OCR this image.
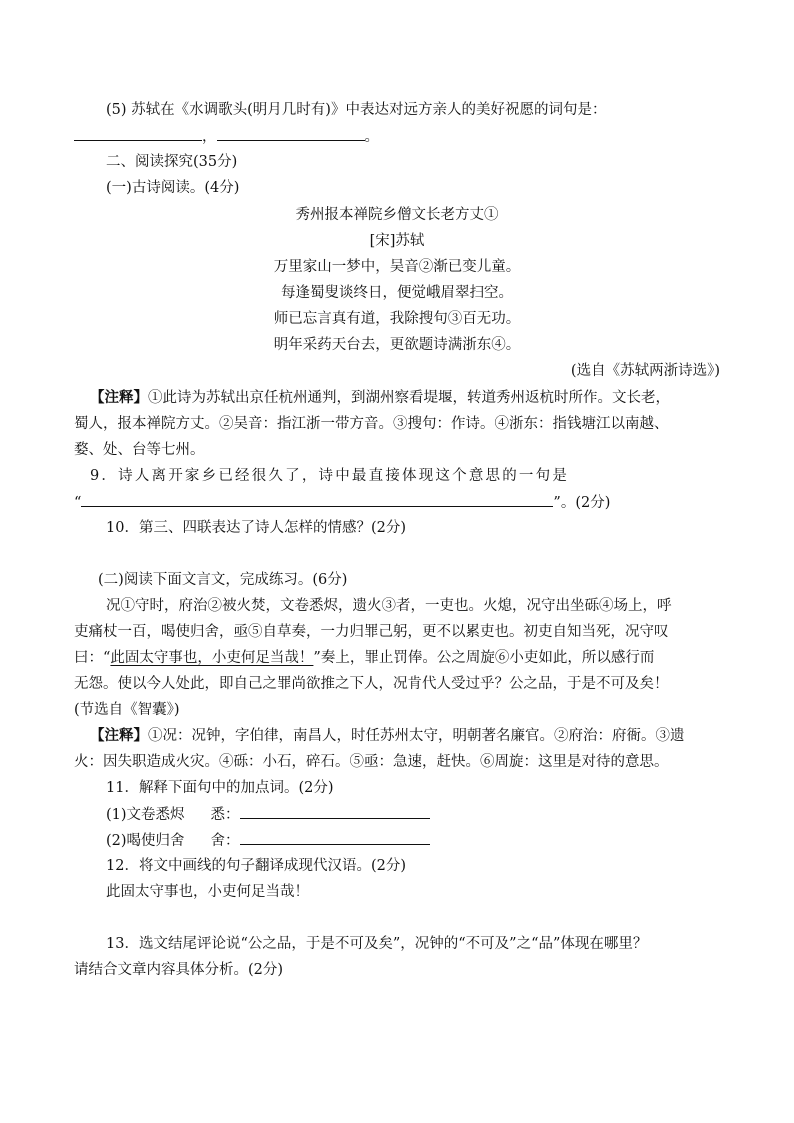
(5) 苏轼在《水调歌头(明月几时有)》中表达对远方亲人的美好祝愿的词句是：
，	。
二、阅读探究(35分)
(一)古诗阅读。(4分)
秀州报本禅院乡僧文长老方丈①
[宋]苏轼
万里家山一梦中，吴音②渐已变儿童。
每逢蜀叟谈终日，便觉峨眉翠扫空。
师已忘言真有道，我除搜句③百无功。
明年采药天台去，更欲题诗满浙东④。
(选自《苏轼两浙诗选》)
【注释】①此诗为苏轼出京任杭州通判，到湖州察看堤堰，转道秀州返杭时所作。文长老，
蜀人，报本禅院方丈。②吴音：指江浙一带方音。③搜句：作诗。④浙东：指钱塘江以南越、
婺、处、台等七州。
9．诗人离开家乡已经很久了，诗中最直接体现这个意思的一句是
“	”。(2分)
10．第三、四联表达了诗人怎样的情感？(2分)
(二)阅读下面文言文，完成练习。(6分)
况①守时，府治②被火焚，文卷悉烬，遗火③者，一吏也。火熄，况守出坐砾④场上，呼
吏痛杖一百，喝使归舍，亟⑤自草奏，一力归罪己躬，更不以累吏也。初吏自知当死，况守叹
曰：“此固太守事也，小吏何足当哉！”奏上，罪止罚俸。公之周旋⑥小吏如此，所以感行而
无怨。使以今人处此，即自己之罪尚欲推之下人，况肯代人受过乎？公之品，于是不可及矣！
(节选自《智囊》)
【注释】①况：况钟，字伯律，南昌人，时任苏州太守，明朝著名廉官。②府治：府衙。③遗
火：因失职造成火灾。④砾：小石，碎石。⑤亟：急速，赶快。⑥周旋：这里是对待的意思。
11．解释下面句中的加点词。(2分)
(1)文卷悉烬 悉：
(2)喝使归舍 舍：
12．将文中画线的句子翻译成现代汉语。(2分)
此固太守事也，小吏何足当哉！
13．选文结尾评论说“公之品，于是不可及矣”，况钟的“不可及”之“品”体现在哪里？
请结合文章内容具体分析。(2分)
